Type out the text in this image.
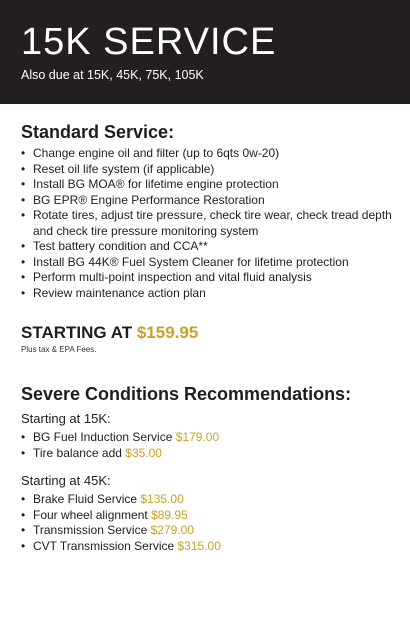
15K SERVICE
Also due at 15K, 45K, 75K, 105K
Standard Service:
• Change engine oil and filter (up to 6qts 0w-20)
• Reset oil life system (if applicable)
• Install BG MOA® for lifetime engine protection
• BG EPR® Engine Performance Restoration
• Rotate tires, adjust tire pressure, check tire wear, check tread depth and check tire pressure monitoring system
• Test battery condition and CCA**
• Install BG 44K® Fuel System Cleaner for lifetime protection
• Perform multi-point inspection and vital fluid analysis
• Review maintenance action plan
STARTING AT $159.95
Plus tax & EPA Fees.
Severe Conditions Recommendations:
Starting at 15K:
• BG Fuel Induction Service $179.00
• Tire balance add $35.00
Starting at 45K:
• Brake Fluid Service $135.00
• Four wheel alignment $89.95
• Transmission Service $279.00
• CVT Transmission Service $315.00
